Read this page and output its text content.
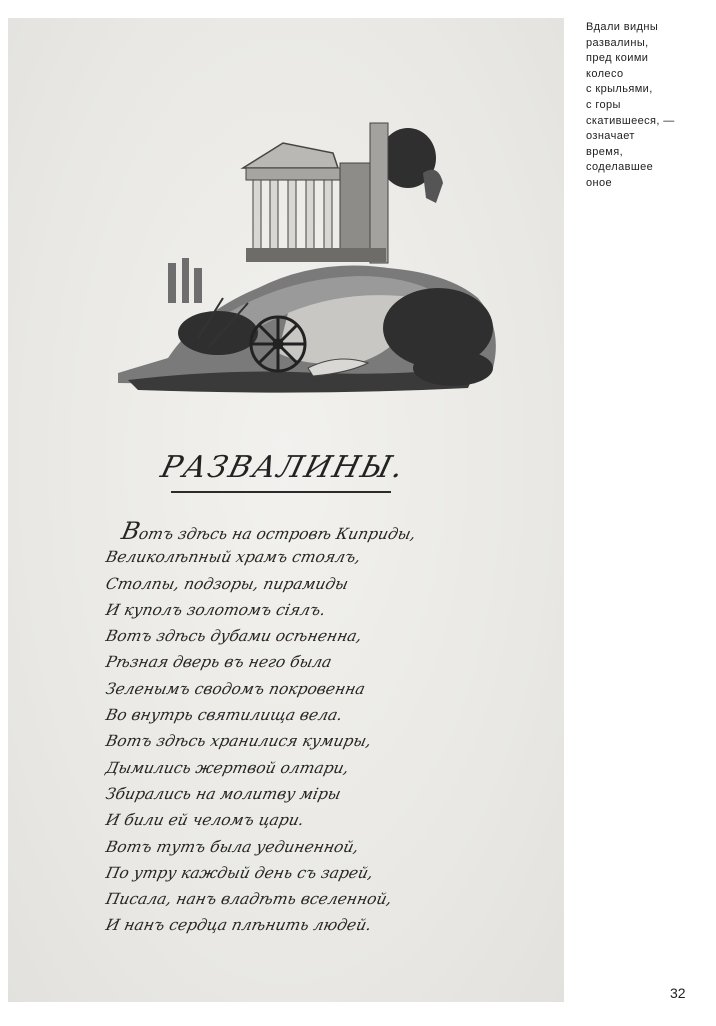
РАЗВАЛИНЫ.
Вотъ здѣсь на островѣ Киприды,
Великолѣпный храмъ стоялъ,
Столпы, подзоры, пирамиды
И куполъ золотомъ сiялъ.
Вотъ здѣсь дубами осѣненна,
Рѣзная дверь въ него была
Зеленымъ сводомъ покровенна
Во внутрь святилища вела.
Вотъ здѣсь хранилися кумиры,
Дымились жертвой олтари,
Збирались на молитву міры
И били ей челомъ цари.
Вотъ тутъ была уединенной,
По утру каждый день съ зарей,
Писала, нанъ владѣть вселенной,
И нанъ сердца плѣнить людей.
Вдали видны
развалины,
пред коими
колесо
с крыльями,
с горы
скатившееся, —
означает
время,
соделавшее
оное
32
